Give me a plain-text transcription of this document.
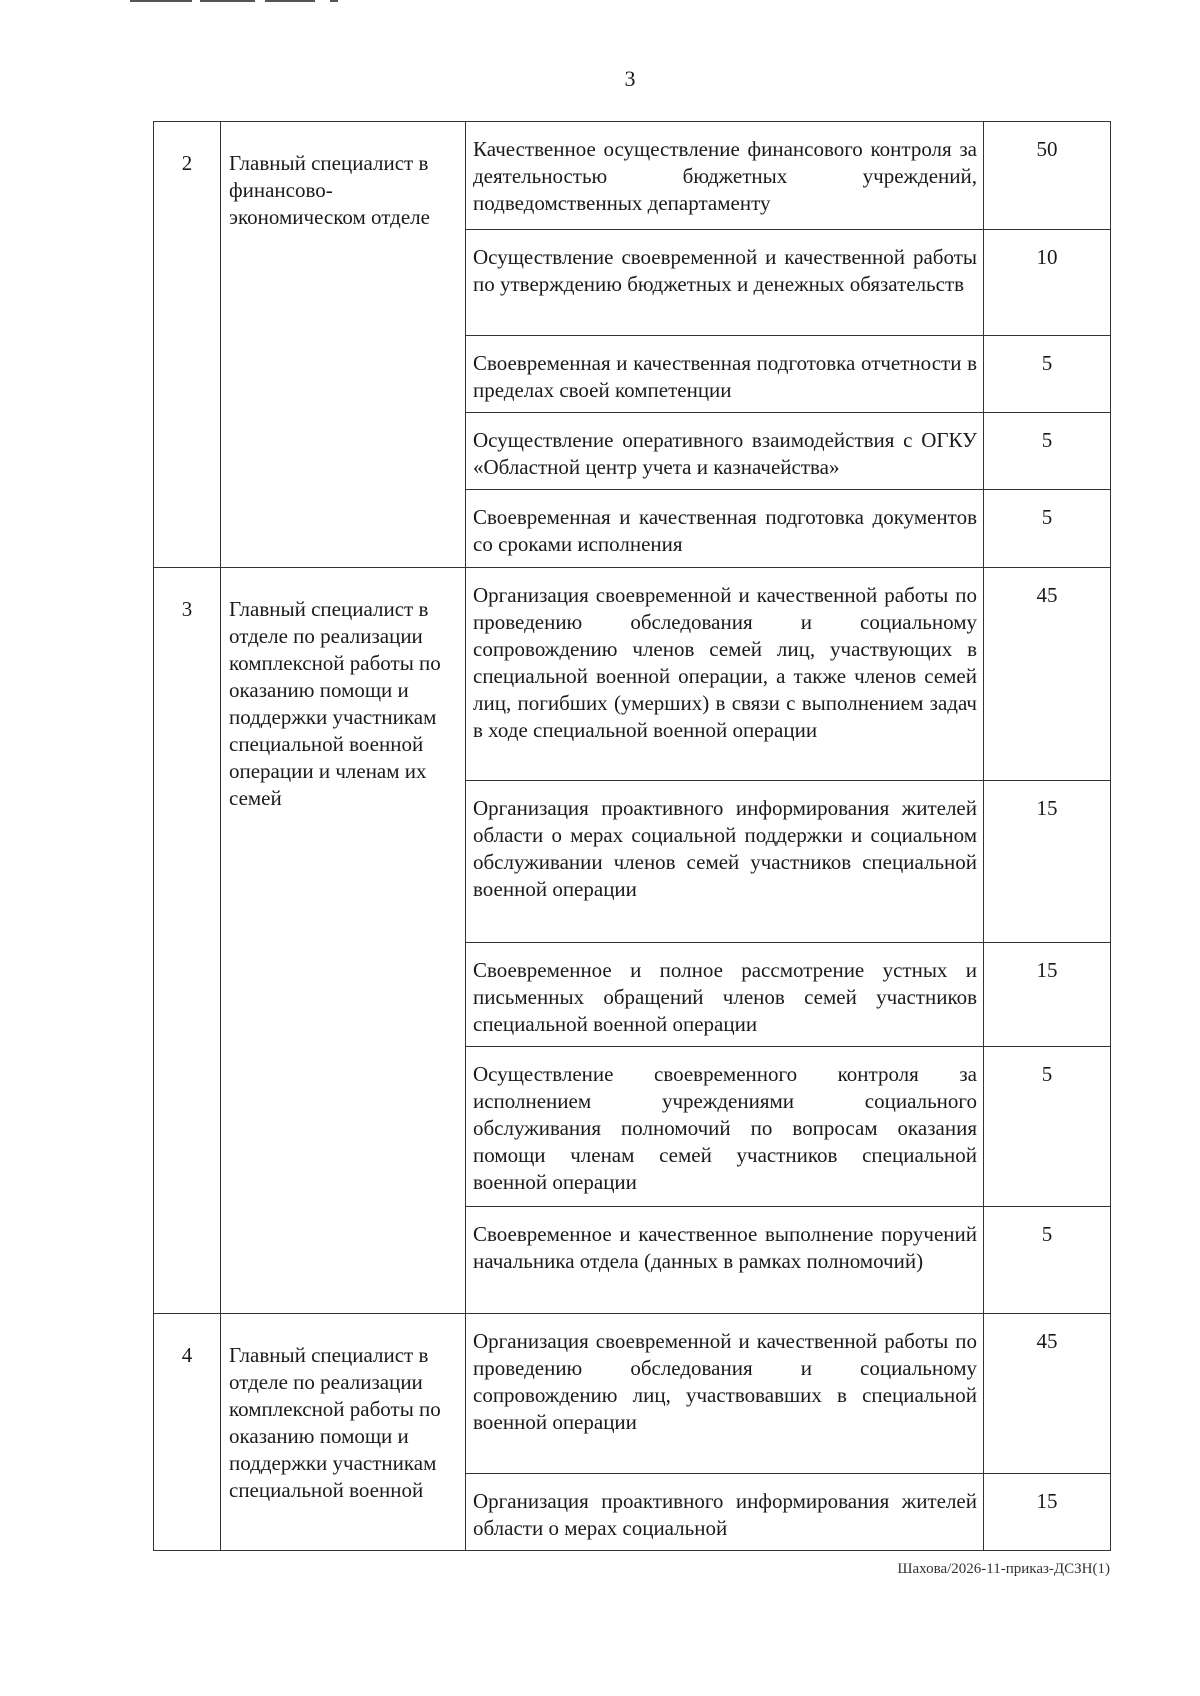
3
2	Главный специалист в финансово-экономическом отделе	Качественное осуществление финансового контроля за деятельностью бюджетных учреждений, подведомственных департаменту	50
		Осуществление своевременной и качественной работы по утверждению бюджетных и денежных обязательств	10
		Своевременная и качественная подготовка отчетности в пределах своей компетенции	5
		Осуществление оперативного взаимодействия с ОГКУ «Областной центр учета и казначейства»	5
		Своевременная и качественная подготовка документов со сроками исполнения	5
3	Главный специалист в отделе по реализации комплексной работы по оказанию помощи и поддержки участникам специальной военной операции и членам их семей	Организация своевременной и качественной работы по проведению обследования и социальному сопровождению членов семей лиц, участвующих в специальной военной операции, а также членов семей лиц, погибших (умерших) в связи с выполнением задач в ходе специальной военной операции	45
		Организация проактивного информирования жителей области о мерах социальной поддержки и социальном обслуживании членов семей участников специальной военной операции	15
		Своевременное и полное рассмотрение устных и письменных обращений членов семей участников специальной военной операции	15
		Осуществление своевременного контроля за исполнением учреждениями социального обслуживания полномочий по вопросам оказания помощи членам семей участников специальной военной операции	5
		Своевременное и качественное выполнение поручений начальника отдела (данных в рамках полномочий)	5
4	Главный специалист в отделе по реализации комплексной работы по оказанию помощи и поддержки участникам специальной военной	Организация своевременной и качественной работы по проведению обследования и социальному сопровождению лиц, участвовавших в специальной военной операции	45
		Организация проактивного информирования жителей области о мерах социальной	15
Шахова/2026-11-приказ-ДСЗН(1)
